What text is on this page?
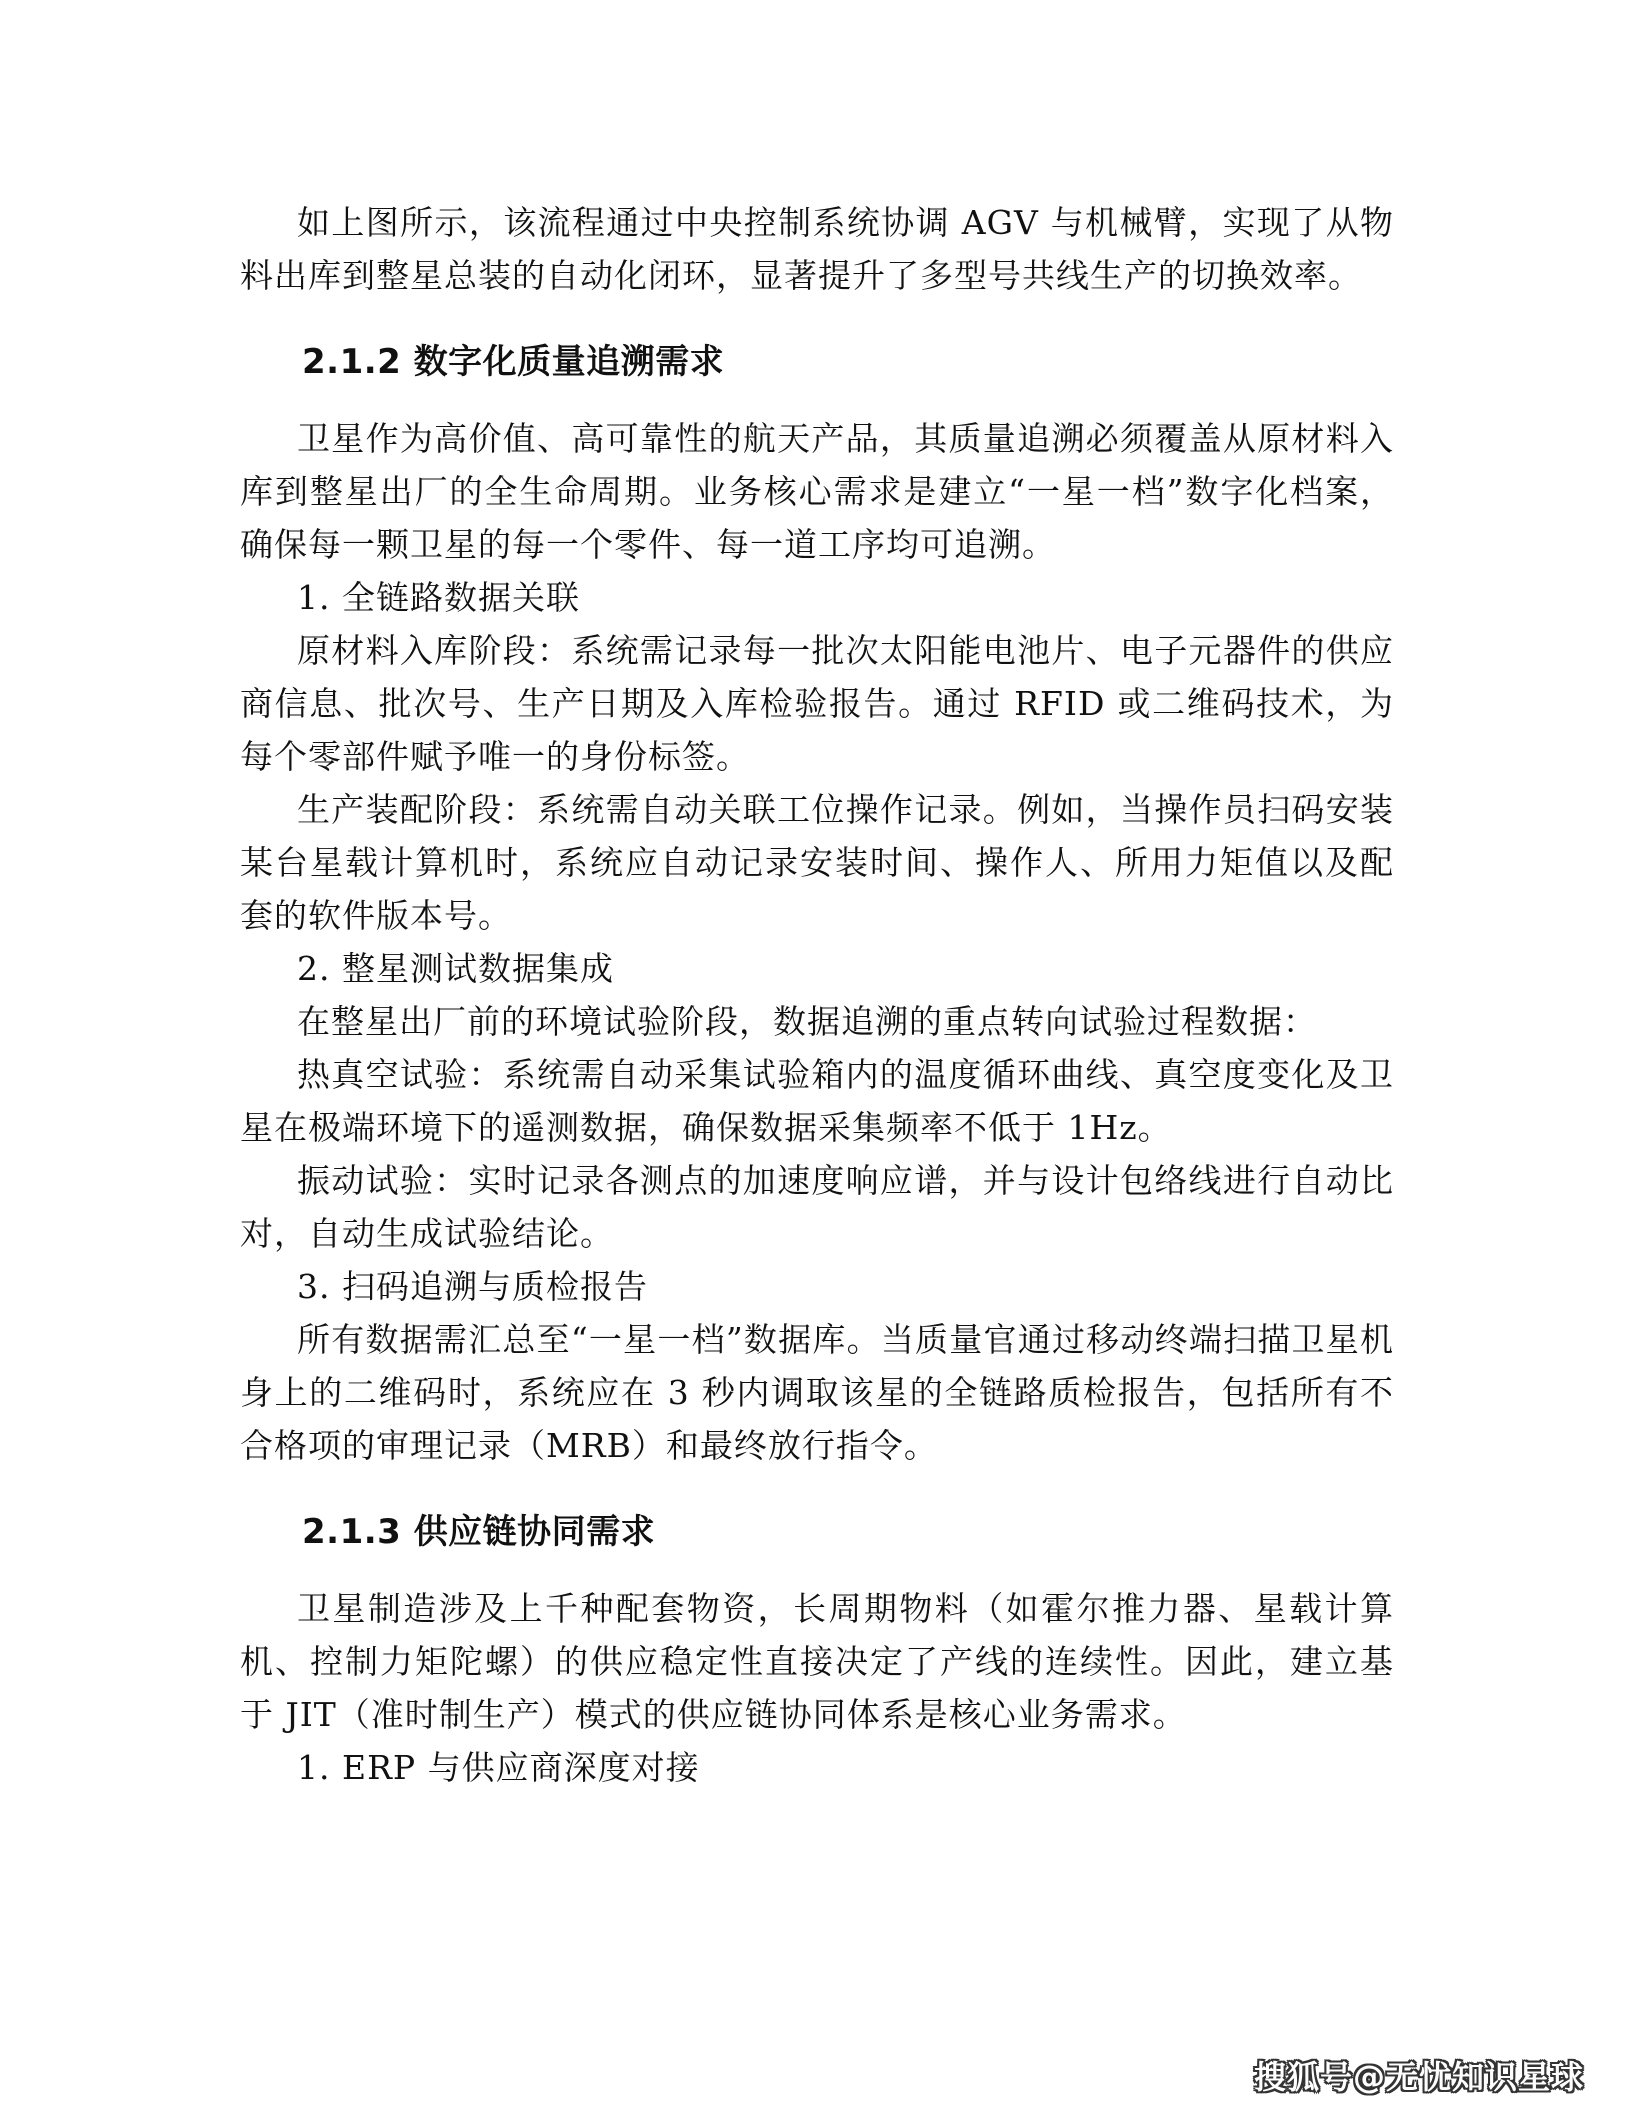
如上图所示，该流程通过中央控制系统协调 AGV 与机械臂，实现了从物料出库到整星总装的自动化闭环，显著提升了多型号共线生产的切换效率。

2.1.2 数字化质量追溯需求

卫星作为高价值、高可靠性的航天产品，其质量追溯必须覆盖从原材料入库到整星出厂的全生命周期。业务核心需求是建立“一星一档”数字化档案，确保每一颗卫星的每一个零件、每一道工序均可追溯。

1. 全链路数据关联

原材料入库阶段：系统需记录每一批次太阳能电池片、电子元器件的供应商信息、批次号、生产日期及入库检验报告。通过 RFID 或二维码技术，为每个零部件赋予唯一的身份标签。

生产装配阶段：系统需自动关联工位操作记录。例如，当操作员扫码安装某台星载计算机时，系统应自动记录安装时间、操作人、所用力矩值以及配套的软件版本号。

2. 整星测试数据集成

在整星出厂前的环境试验阶段，数据追溯的重点转向试验过程数据：

热真空试验：系统需自动采集试验箱内的温度循环曲线、真空度变化及卫星在极端环境下的遥测数据，确保数据采集频率不低于 1Hz。

振动试验：实时记录各测点的加速度响应谱，并与设计包络线进行自动比对，自动生成试验结论。

3. 扫码追溯与质检报告

所有数据需汇总至“一星一档”数据库。当质量官通过移动终端扫描卫星机身上的二维码时，系统应在 3 秒内调取该星的全链路质检报告，包括所有不合格项的审理记录（MRB）和最终放行指令。

2.1.3 供应链协同需求

卫星制造涉及上千种配套物资，长周期物料（如霍尔推力器、星载计算机、控制力矩陀螺）的供应稳定性直接决定了产线的连续性。因此，建立基于 JIT（准时制生产）模式的供应链协同体系是核心业务需求。

1. ERP 与供应商深度对接

搜狐号@无忧知识星球
